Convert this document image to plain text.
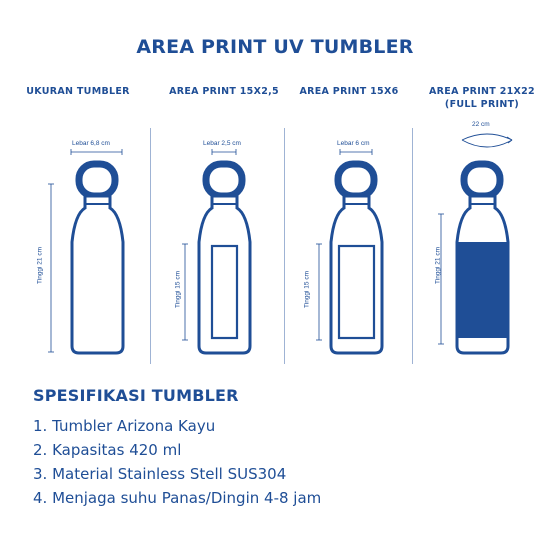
AREA PRINT UV TUMBLER
UKURAN TUMBLER	AREA PRINT 15X2,5	AREA PRINT 15X6	AREA PRINT 21X22
(FULL PRINT)
Lebar 6,8 cm	Lebar 2,5 cm	Lebar 6 cm
22 cm
Tinggi 21 cm
Tinggi 15 cm	Tinggi 15 cm
Tinggi 21 cm
SPESIFIKASI TUMBLER
1. Tumbler Arizona Kayu
2. Kapasitas 420 ml
3. Material Stainless Stell SUS304
4. Menjaga suhu Panas/Dingin 4-8 jam
